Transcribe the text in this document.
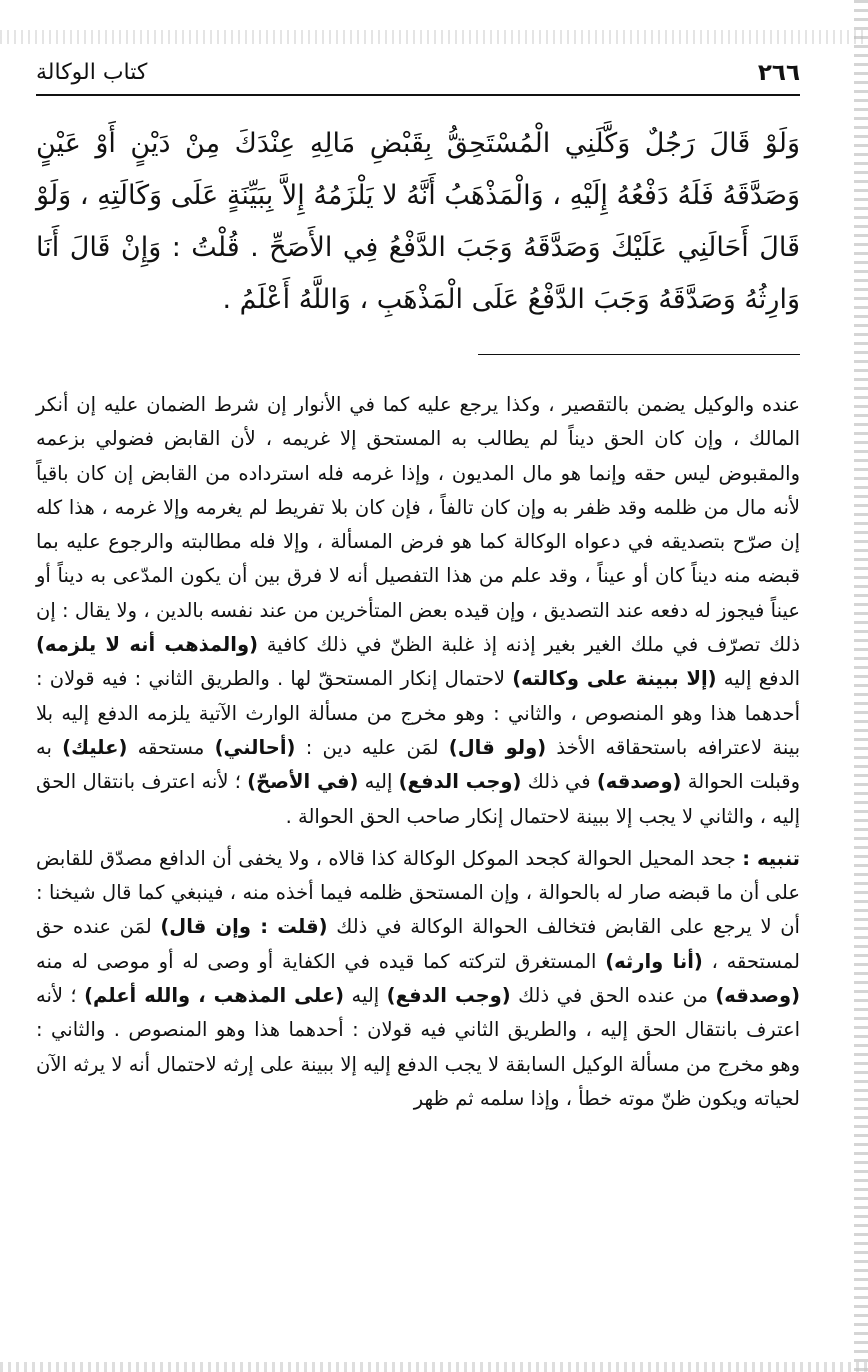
٢٦٦
كتاب الوكالة

وَلَوْ قَالَ رَجُلٌ وَكَّلَنِي الْمُسْتَحِقُّ بِقَبْضِ مَالِهِ عِنْدَكَ مِنْ دَيْنٍ أَوْ عَيْنٍ وَصَدَّقَهُ فَلَهُ دَفْعُهُ إِلَيْهِ ، وَالْمَذْهَبُ أَنَّهُ لا يَلْزَمُهُ إِلاَّ بِبَيِّنَةٍ عَلَى وَكَالَتِهِ ، وَلَوْ قَالَ أَحَالَنِي عَلَيْكَ وَصَدَّقَهُ وَجَبَ الدَّفْعُ فِي الأَصَحِّ . قُلْتُ : وَإِنْ قَالَ أَنَا وَارِثُهُ وَصَدَّقَهُ وَجَبَ الدَّفْعُ عَلَى الْمَذْهَبِ ، وَاللَّهُ أَعْلَمُ .

عنده والوكيل يضمن بالتقصير ، وكذا يرجع عليه كما في الأنوار إن شرط الضمان عليه إن أنكر المالك ، وإن كان الحق ديناً لم يطالب به المستحق إلا غريمه ، لأن القابض فضولي بزعمه والمقبوض ليس حقه وإنما هو مال المديون ، وإذا غرمه فله استرداده من القابض إن كان باقياً لأنه مال من ظلمه وقد ظفر به وإن كان تالفاً ، فإن كان بلا تفريط لم يغرمه وإلا غرمه ، هذا كله إن صرّح بتصديقه في دعواه الوكالة كما هو فرض المسألة ، وإلا فله مطالبته والرجوع عليه بما قبضه منه ديناً كان أو عيناً ، وقد علم من هذا التفصيل أنه لا فرق بين أن يكون المدّعى به ديناً أو عيناً فيجوز له دفعه عند التصديق ، وإن قيده بعض المتأخرين من عند نفسه بالدين ، ولا يقال : إن ذلك تصرّف في ملك الغير بغير إذنه إذ غلبة الظنّ في ذلك كافية (والمذهب أنه لا يلزمه) الدفع إليه (إلا ببينة على وكالته) لاحتمال إنكار المستحقّ لها . والطريق الثاني : فيه قولان : أحدهما هذا وهو المنصوص ، والثاني : وهو مخرج من مسألة الوارث الآتية يلزمه الدفع إليه بلا بينة لاعترافه باستحقاقه الأخذ (ولو قال) لمَن عليه دين : (أحالني) مستحقه (عليك) به وقبلت الحوالة (وصدقه) في ذلك (وجب الدفع) إليه (في الأصحّ) ؛ لأنه اعترف بانتقال الحق إليه ، والثاني لا يجب إلا ببينة لاحتمال إنكار صاحب الحق الحوالة .

تنبيه : جحد المحيل الحوالة كجحد الموكل الوكالة كذا قالاه ، ولا يخفى أن الدافع مصدّق للقابض على أن ما قبضه صار له بالحوالة ، وإن المستحق ظلمه فيما أخذه منه ، فينبغي كما قال شيخنا : أن لا يرجع على القابض فتخالف الحوالة الوكالة في ذلك (قلت : وإن قال) لمَن عنده حق لمستحقه ، (أنا وارثه) المستغرق لتركته كما قيده في الكفاية أو وصى له أو موصى له منه (وصدقه) من عنده الحق في ذلك (وجب الدفع) إليه (على المذهب ، والله أعلم) ؛ لأنه اعترف بانتقال الحق إليه ، والطريق الثاني فيه قولان : أحدهما هذا وهو المنصوص . والثاني : وهو مخرج من مسألة الوكيل السابقة لا يجب الدفع إليه إلا ببينة على إرثه لاحتمال أنه لا يرثه الآن لحياته ويكون ظنّ موته خطأ ، وإذا سلمه ثم ظهر
